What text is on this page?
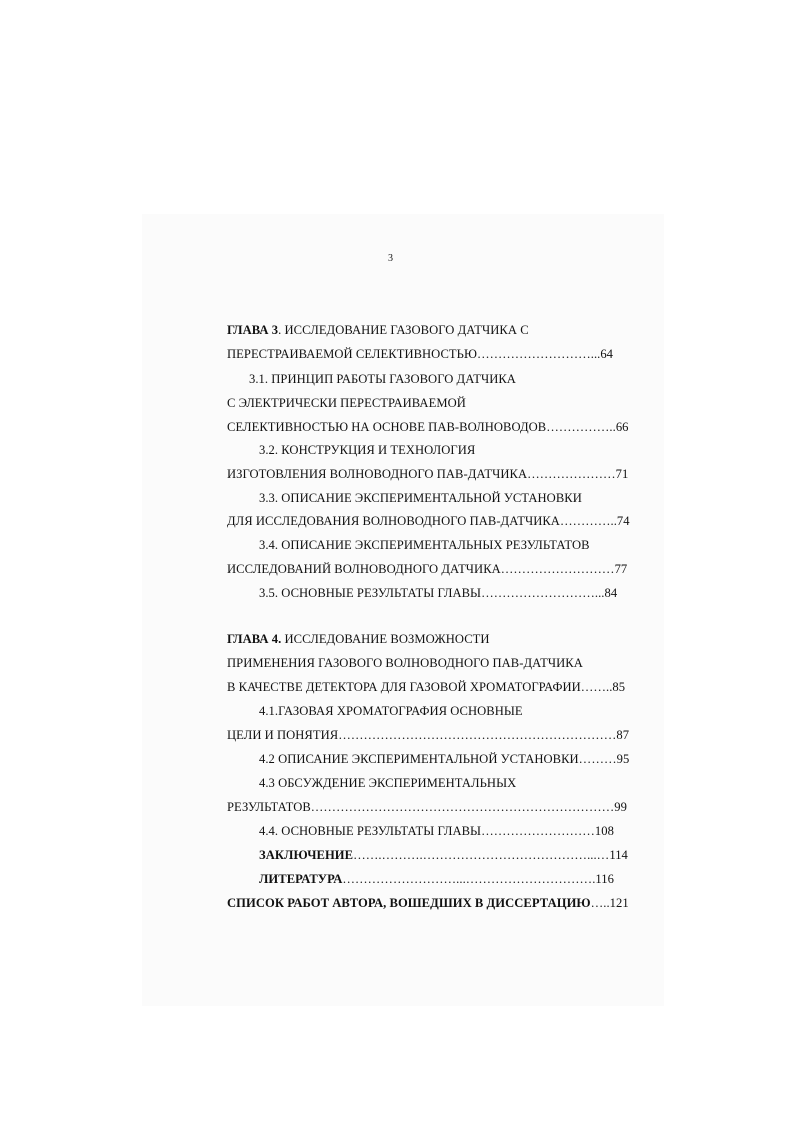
3
ГЛАВА 3. ИССЛЕДОВАНИЕ ГАЗОВОГО ДАТЧИКА С
ПЕРЕСТРАИВАЕМОЙ СЕЛЕКТИВНОСТЬЮ………………………...64
3.1. ПРИНЦИП РАБОТЫ ГАЗОВОГО ДАТЧИКА
С ЭЛЕКТРИЧЕСКИ ПЕРЕСТРАИВАЕМОЙ
СЕЛЕКТИВНОСТЬЮ НА ОСНОВЕ ПАВ-ВОЛНОВОДОВ……………..66
3.2. КОНСТРУКЦИЯ И ТЕХНОЛОГИЯ
ИЗГОТОВЛЕНИЯ ВОЛНОВОДНОГО ПАВ-ДАТЧИКА…………………71
3.3. ОПИСАНИЕ ЭКСПЕРИМЕНТАЛЬНОЙ УСТАНОВКИ
ДЛЯ ИССЛЕДОВАНИЯ ВОЛНОВОДНОГО ПАВ-ДАТЧИКА…………..74
3.4. ОПИСАНИЕ ЭКСПЕРИМЕНТАЛЬНЫХ РЕЗУЛЬТАТОВ
ИССЛЕДОВАНИЙ ВОЛНОВОДНОГО ДАТЧИКА………………………77
3.5. ОСНОВНЫЕ РЕЗУЛЬТАТЫ ГЛАВЫ………………………...84
ГЛАВА 4. ИССЛЕДОВАНИЕ ВОЗМОЖНОСТИ
ПРИМЕНЕНИЯ ГАЗОВОГО ВОЛНОВОДНОГО ПАВ-ДАТЧИКА
В КАЧЕСТВЕ ДЕТЕКТОРА ДЛЯ ГАЗОВОЙ ХРОМАТОГРАФИИ……..85
4.1.ГАЗОВАЯ ХРОМАТОГРАФИЯ ОСНОВНЫЕ
ЦЕЛИ И ПОНЯТИЯ…………………………………………………………87
4.2 ОПИСАНИЕ ЭКСПЕРИМЕНТАЛЬНОЙ УСТАНОВКИ………95
4.3 ОБСУЖДЕНИЕ ЭКСПЕРИМЕНТАЛЬНЫХ
РЕЗУЛЬТАТОВ………………………………………………………………99
4.4. ОСНОВНЫЕ РЕЗУЛЬТАТЫ ГЛАВЫ………………………108
ЗАКЛЮЧЕНИЕ…….……….…………………………………...…114
ЛИТЕРАТУРА………………………...………………………….116
СПИСОК РАБОТ АВТОРА, ВОШЕДШИХ В ДИССЕРТАЦИЮ…..121
